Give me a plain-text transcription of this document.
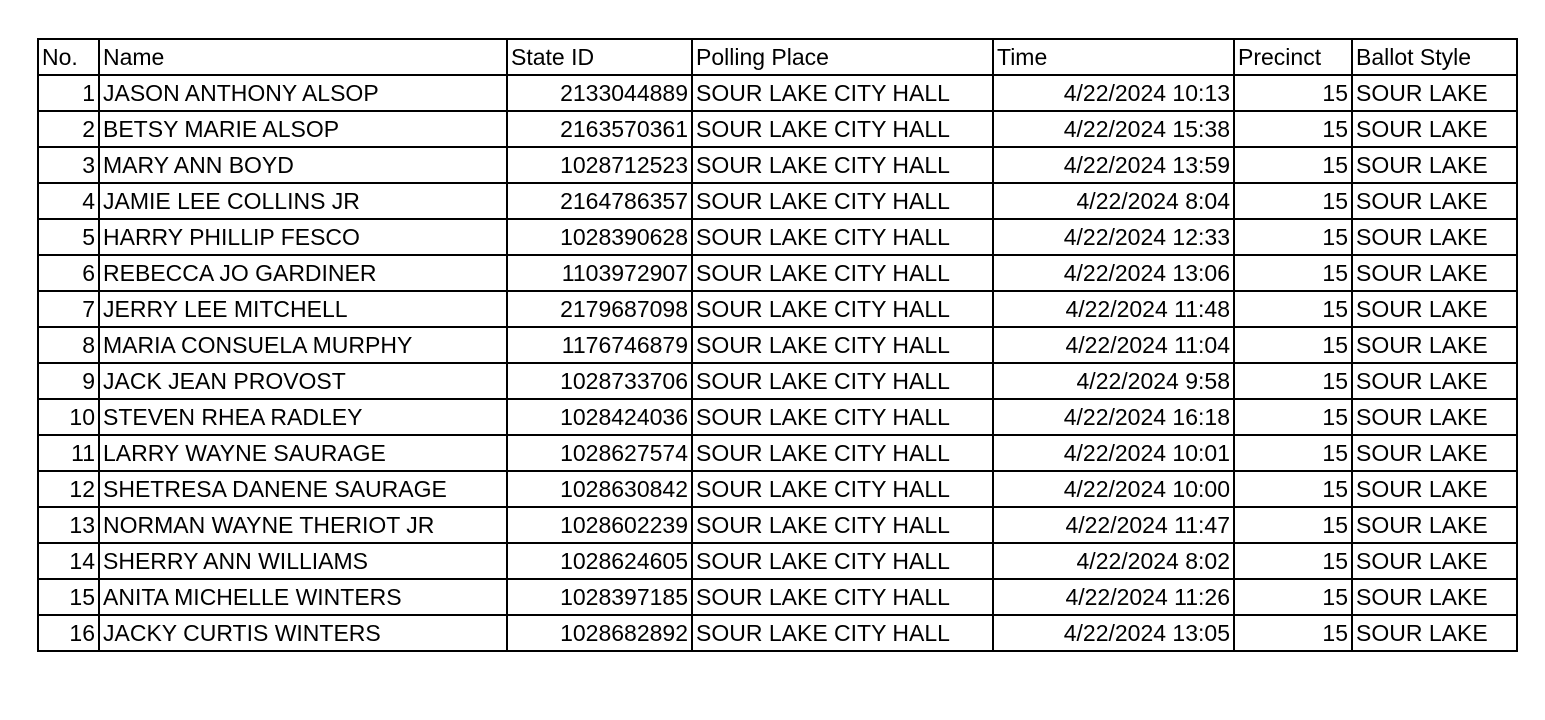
No.	Name	State ID	Polling Place	Time	Precinct	Ballot Style
1	JASON ANTHONY ALSOP	2133044889	SOUR LAKE CITY HALL	4/22/2024 10:13	15	SOUR LAKE
2	BETSY MARIE ALSOP	2163570361	SOUR LAKE CITY HALL	4/22/2024 15:38	15	SOUR LAKE
3	MARY ANN BOYD	1028712523	SOUR LAKE CITY HALL	4/22/2024 13:59	15	SOUR LAKE
4	JAMIE LEE COLLINS JR	2164786357	SOUR LAKE CITY HALL	4/22/2024 8:04	15	SOUR LAKE
5	HARRY PHILLIP FESCO	1028390628	SOUR LAKE CITY HALL	4/22/2024 12:33	15	SOUR LAKE
6	REBECCA JO GARDINER	1103972907	SOUR LAKE CITY HALL	4/22/2024 13:06	15	SOUR LAKE
7	JERRY LEE MITCHELL	2179687098	SOUR LAKE CITY HALL	4/22/2024 11:48	15	SOUR LAKE
8	MARIA CONSUELA MURPHY	1176746879	SOUR LAKE CITY HALL	4/22/2024 11:04	15	SOUR LAKE
9	JACK JEAN PROVOST	1028733706	SOUR LAKE CITY HALL	4/22/2024 9:58	15	SOUR LAKE
10	STEVEN RHEA RADLEY	1028424036	SOUR LAKE CITY HALL	4/22/2024 16:18	15	SOUR LAKE
11	LARRY WAYNE SAURAGE	1028627574	SOUR LAKE CITY HALL	4/22/2024 10:01	15	SOUR LAKE
12	SHETRESA DANENE SAURAGE	1028630842	SOUR LAKE CITY HALL	4/22/2024 10:00	15	SOUR LAKE
13	NORMAN WAYNE THERIOT JR	1028602239	SOUR LAKE CITY HALL	4/22/2024 11:47	15	SOUR LAKE
14	SHERRY ANN WILLIAMS	1028624605	SOUR LAKE CITY HALL	4/22/2024 8:02	15	SOUR LAKE
15	ANITA MICHELLE WINTERS	1028397185	SOUR LAKE CITY HALL	4/22/2024 11:26	15	SOUR LAKE
16	JACKY CURTIS WINTERS	1028682892	SOUR LAKE CITY HALL	4/22/2024 13:05	15	SOUR LAKE
